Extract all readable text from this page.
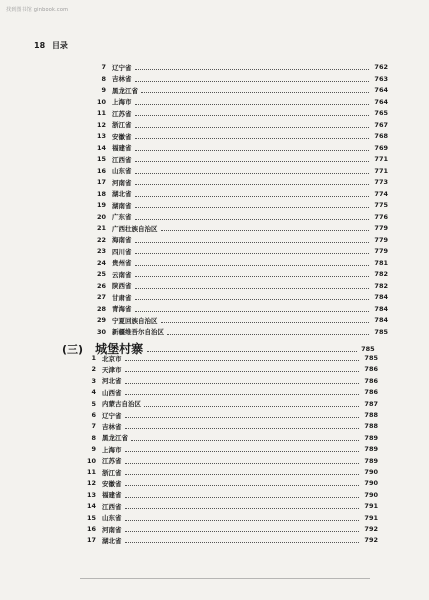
找到图书馆 ginbook.com
18 目录
7 辽宁省	762
8 吉林省	763
9 黑龙江省	764
10 上海市	764
11 江苏省	765
12 浙江省	767
13 安徽省	768
14 福建省	769
15 江西省	771
16 山东省	771
17 河南省	773
18 湖北省	774
19 湖南省	775
20 广东省	776
21 广西壮族自治区	779
22 海南省	779
23 四川省	779
24 贵州省	781
25 云南省	782
26 陕西省	782
27 甘肃省	784
28 青海省	784
29 宁夏回族自治区	784
30 新疆维吾尔自治区	785
(三) 城堡村寨	785
1 北京市	785
2 天津市	786
3 河北省	786
4 山西省	786
5 内蒙古自治区	787
6 辽宁省	788
7 吉林省	788
8 黑龙江省	789
9 上海市	789
10 江苏省	789
11 浙江省	790
12 安徽省	790
13 福建省	790
14 江西省	791
15 山东省	791
16 河南省	792
17 湖北省	792
